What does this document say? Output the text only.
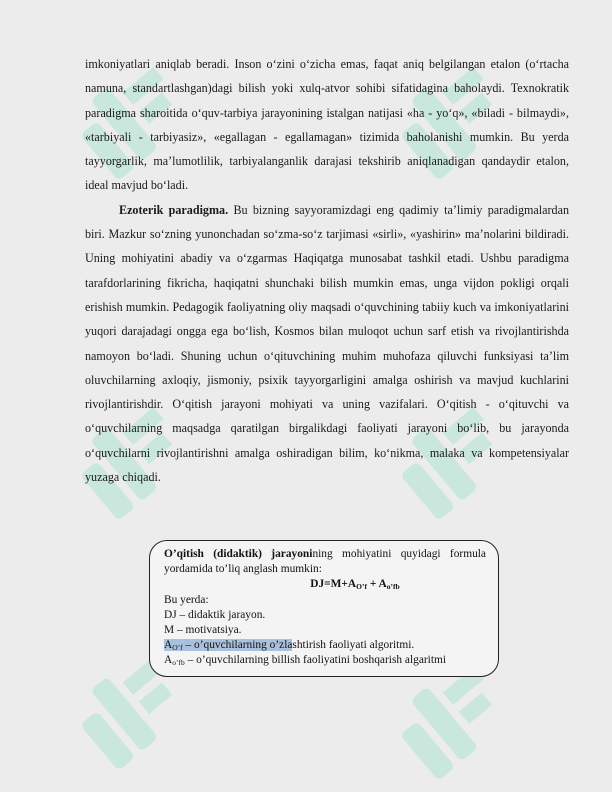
imkoniyatlari aniqlab beradi. Inson o‘zini o‘zicha emas, faqat aniq belgilangan etalon (o‘rtacha namuna, standartlashgan)dagi bilish yoki xulq-atvor sohibi sifatidagina baholaydi. Texnokratik paradigma sharoitida o‘quv-tarbiya jarayonining istalgan natijasi «ha - yo‘q», «biladi - bilmaydi», «tarbiyali - tarbiyasiz», «egallagan - egallamagan» tizimida baholanishi mumkin. Bu yerda tayyorgarlik, ma’lumotlilik, tarbiyalanganlik darajasi tekshirib aniqlanadigan qandaydir etalon, ideal mavjud bo‘ladi.

Ezoterik paradigma. Bu bizning sayyoramizdagi eng qadimiy ta’limiy paradigmalardan biri. Mazkur so‘zning yunonchadan so‘zma-so‘z tarjimasi «sirli», «yashirin» ma’nolarini bildiradi. Uning mohiyatini abadiy va o‘zgarmas Haqiqatga munosabat tashkil etadi. Ushbu paradigma tarafdorlarining fikricha, haqiqatni shunchaki bilish mumkin emas, unga vijdon pokligi orqali erishish mumkin. Pedagogik faoliyatning oliy maqsadi o‘quvchining tabiiy kuch va imkoniyatlarini yuqori darajadagi ongga ega bo‘lish, Kosmos bilan muloqot uchun sarf etish va rivojlantirishda namoyon bo‘ladi. Shuning uchun o‘qituvchining muhim muhofaza qiluvchi funksiyasi ta’lim oluvchilarning axloqiy, jismoniy, psixik tayyorgarligini amalga oshirish va mavjud kuchlarini rivojlantirishdir. O‘qitish jarayoni mohiyati va uning vazifalari. O‘qitish - o‘qituvchi va o‘quvchilarning maqsadga qaratilgan birgalikdagi faoliyati jarayoni bo‘lib, bu jarayonda o‘quvchilarni rivojlantirishni amalga oshiradigan bilim, ko‘nikma, malaka va kompetensiyalar yuzaga chiqadi.

O’qitish (didaktik) jarayonining mohiyatini quyidagi formula yordamida to’liq anglash mumkin:
$DJ=M+A_{O’f} + A_{o’fb}$
Bu yerda:
DJ – didaktik jarayon.
M – motivatsiya.
$A_{O’f}$ – o’quvchilarning o’zlashtirish faoliyati algoritmi.
$A_{o’fb}$ – o’quvchilarning billish faoliyatini boshqarish algaritmi
